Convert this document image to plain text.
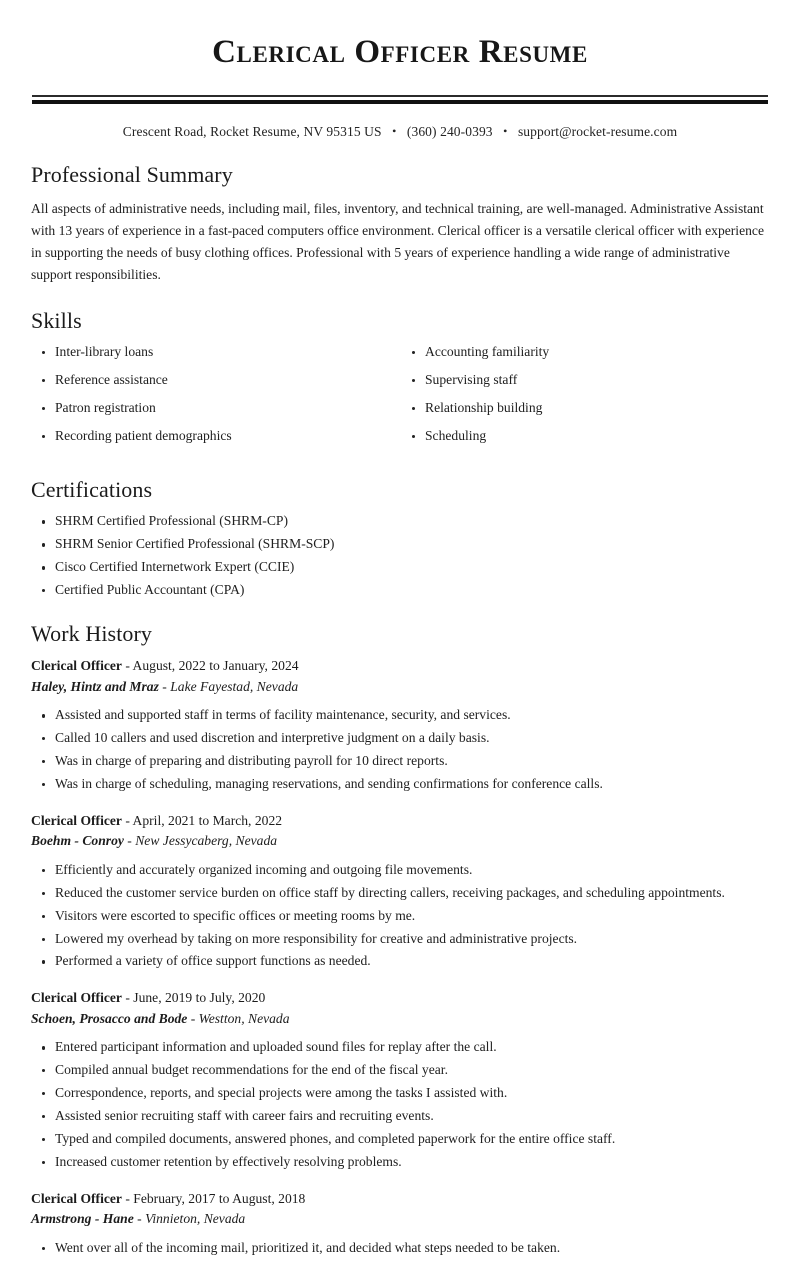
Clerical Officer Resume
Crescent Road, Rocket Resume, NV 95315 US • (360) 240-0393 • support@rocket-resume.com
Professional Summary

All aspects of administrative needs, including mail, files, inventory, and technical training, are well-managed. Administrative Assistant with 13 years of experience in a fast-paced computers office environment. Clerical officer is a versatile clerical officer with experience in supporting the needs of busy clothing offices. Professional with 5 years of experience handling a wide range of administrative support responsibilities.

Skills
Inter-library loans
Reference assistance
Patron registration
Recording patient demographics
Accounting familiarity
Supervising staff
Relationship building
Scheduling
Certifications
SHRM Certified Professional (SHRM-CP)
SHRM Senior Certified Professional (SHRM-SCP)
Cisco Certified Internetwork Expert (CCIE)
Certified Public Accountant (CPA)
Work History
Clerical Officer - August, 2022 to January, 2024
Haley, Hintz and Mraz - Lake Fayestad, Nevada
Assisted and supported staff in terms of facility maintenance, security, and services.
Called 10 callers and used discretion and interpretive judgment on a daily basis.
Was in charge of preparing and distributing payroll for 10 direct reports.
Was in charge of scheduling, managing reservations, and sending confirmations for conference calls.
Clerical Officer - April, 2021 to March, 2022
Boehm - Conroy - New Jessycaberg, Nevada
Efficiently and accurately organized incoming and outgoing file movements.
Reduced the customer service burden on office staff by directing callers, receiving packages, and scheduling appointments.
Visitors were escorted to specific offices or meeting rooms by me.
Lowered my overhead by taking on more responsibility for creative and administrative projects.
Performed a variety of office support functions as needed.
Clerical Officer - June, 2019 to July, 2020
Schoen, Prosacco and Bode - Westton, Nevada
Entered participant information and uploaded sound files for replay after the call.
Compiled annual budget recommendations for the end of the fiscal year.
Correspondence, reports, and special projects were among the tasks I assisted with.
Assisted senior recruiting staff with career fairs and recruiting events.
Typed and compiled documents, answered phones, and completed paperwork for the entire office staff.
Increased customer retention by effectively resolving problems.
Clerical Officer - February, 2017 to August, 2018
Armstrong - Hane - Vinnieton, Nevada
Went over all of the incoming mail, prioritized it, and decided what steps needed to be taken.
